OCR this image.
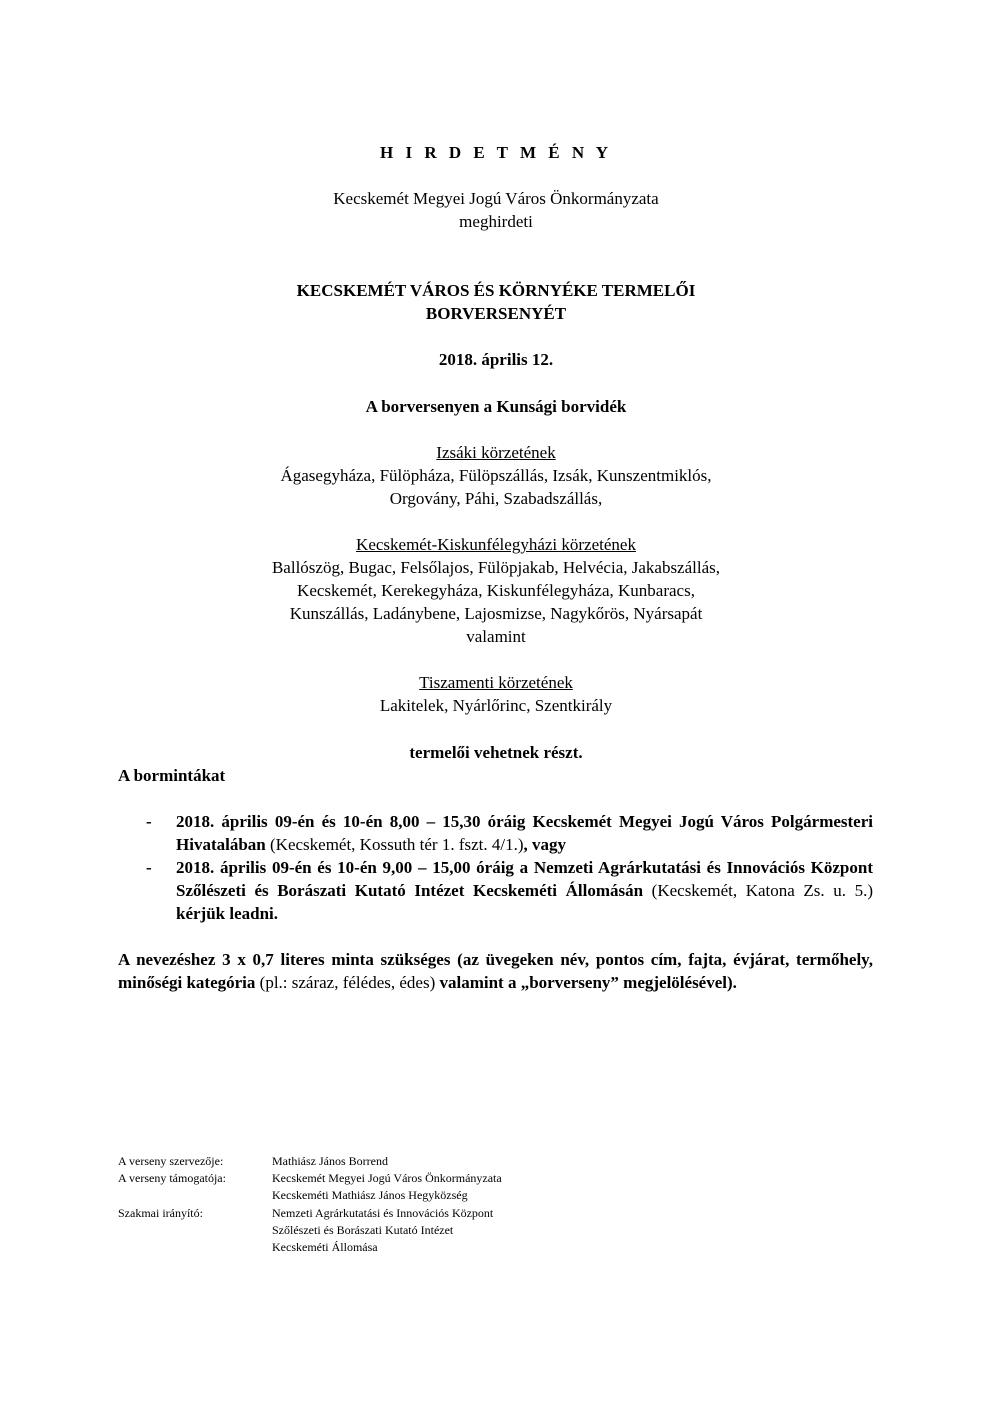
H I R D E T M É N Y
Kecskemét Megyei Jogú Város Önkormányzata
meghirdeti
KECSKEMÉT VÁROS ÉS KÖRNYÉKE TERMELŐI
BORVERSENYÉT
2018. április 12.
A borversenyen a Kunsági borvidék
Izsáki körzetének
Ágasegyháza, Fülöpháza, Fülöpszállás, Izsák, Kunszentmiklós,
Orgovány, Páhi, Szabadszállás,
Kecskemét-Kiskunfélegyházi körzetének
Ballószög, Bugac, Felsőlajos, Fülöpjakab, Helvécia, Jakabszállás,
Kecskemét, Kerekegyháza, Kiskunfélegyháza, Kunbaracs,
Kunszállás, Ladánybene, Lajosmizse, Nagykőrös, Nyársapát
valamint
Tiszamenti körzetének
Lakitelek, Nyárlőrinc, Szentkirály
termelői vehetnek részt.
A bormintákat
- 2018. április 09-én és 10-én 8,00 – 15,30 óráig Kecskemét Megyei Jogú Város Polgármesteri Hivatalában (Kecskemét, Kossuth tér 1. fszt. 4/1.), vagy
- 2018. április 09-én és 10-én 9,00 – 15,00 óráig a Nemzeti Agrárkutatási és Innovációs Központ Szőlészeti és Borászati Kutató Intézet Kecskeméti Állomásán (Kecskemét, Katona Zs. u. 5.) kérjük leadni.
A nevezéshez 3 x 0,7 literes minta szükséges (az üvegeken név, pontos cím, fajta, évjárat, termőhely, minőségi kategória (pl.: száraz, félédes, édes) valamint a „borverseny” megjelölésével).
A verseny szervezője:	Mathiász János Borrend
A verseny támogatója:	Kecskemét Megyei Jogú Város Önkormányzata
Kecskeméti Mathiász János Hegyközség
Szakmai irányító:	Nemzeti Agrárkutatási és Innovációs Központ
Szőlészeti és Borászati Kutató Intézet
Kecskeméti Állomása
